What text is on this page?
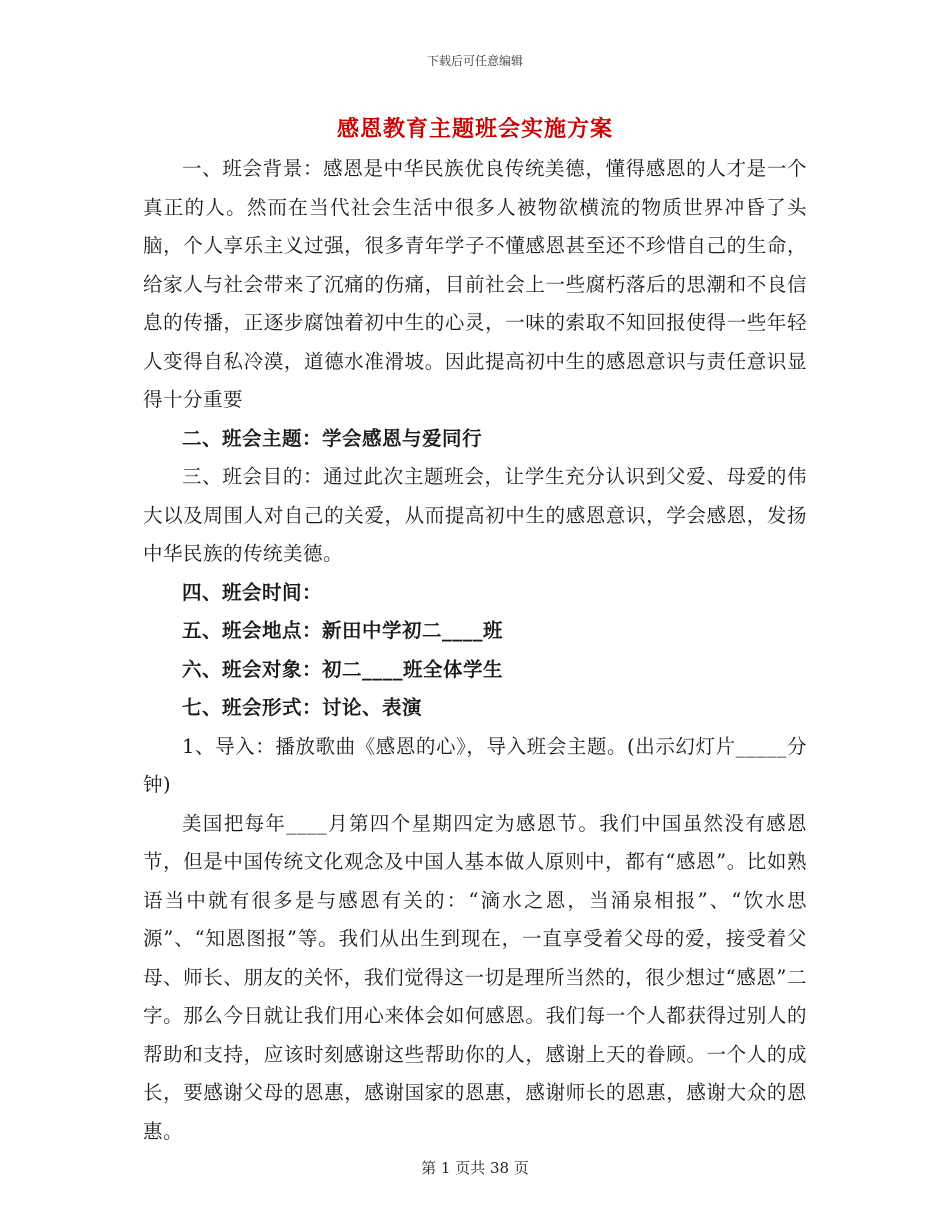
下载后可任意编辑
感恩教育主题班会实施方案

一、班会背景：感恩是中华民族优良传统美德，懂得感恩的人才是一个真正的人。然而在当代社会生活中很多人被物欲横流的物质世界冲昏了头脑，个人享乐主义过强，很多青年学子不懂感恩甚至还不珍惜自己的生命，给家人与社会带来了沉痛的伤痛，目前社会上一些腐朽落后的思潮和不良信息的传播，正逐步腐蚀着初中生的心灵，一味的索取不知回报使得一些年轻人变得自私冷漠，道德水准滑坡。因此提高初中生的感恩意识与责任意识显得十分重要

二、班会主题：学会感恩与爱同行

三、班会目的：通过此次主题班会，让学生充分认识到父爱、母爱的伟大以及周围人对自己的关爱，从而提高初中生的感恩意识，学会感恩，发扬中华民族的传统美德。

四、班会时间：

五、班会地点：新田中学初二____班

六、班会对象：初二____班全体学生

七、班会形式：讨论、表演

1、导入：播放歌曲《感恩的心》，导入班会主题。(出示幻灯片_____分钟)

美国把每年____月第四个星期四定为感恩节。我们中国虽然没有感恩节，但是中国传统文化观念及中国人基本做人原则中，都有“感恩”。比如熟语当中就有很多是与感恩有关的：“滴水之恩，当涌泉相报”、“饮水思源”、“知恩图报”等。我们从出生到现在，一直享受着父母的爱，接受着父母、师长、朋友的关怀，我们觉得这一切是理所当然的，很少想过“感恩”二字。那么今日就让我们用心来体会如何感恩。我们每一个人都获得过别人的帮助和支持，应该时刻感谢这些帮助你的人，感谢上天的眷顾。一个人的成长，要感谢父母的恩惠，感谢国家的恩惠，感谢师长的恩惠，感谢大众的恩惠。

第 1 页共 38 页
